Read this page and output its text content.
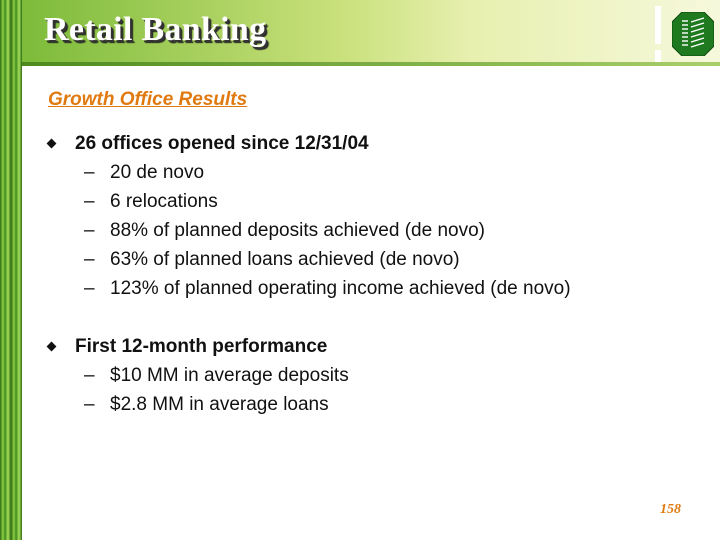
Retail Banking
Growth Office Results
26 offices opened since 12/31/04
– 20 de novo
– 6 relocations
– 88% of planned deposits achieved (de novo)
– 63% of planned loans achieved (de novo)
– 123% of planned operating income achieved (de novo)
First 12-month performance
– $10 MM in average deposits
– $2.8 MM in average loans
158
